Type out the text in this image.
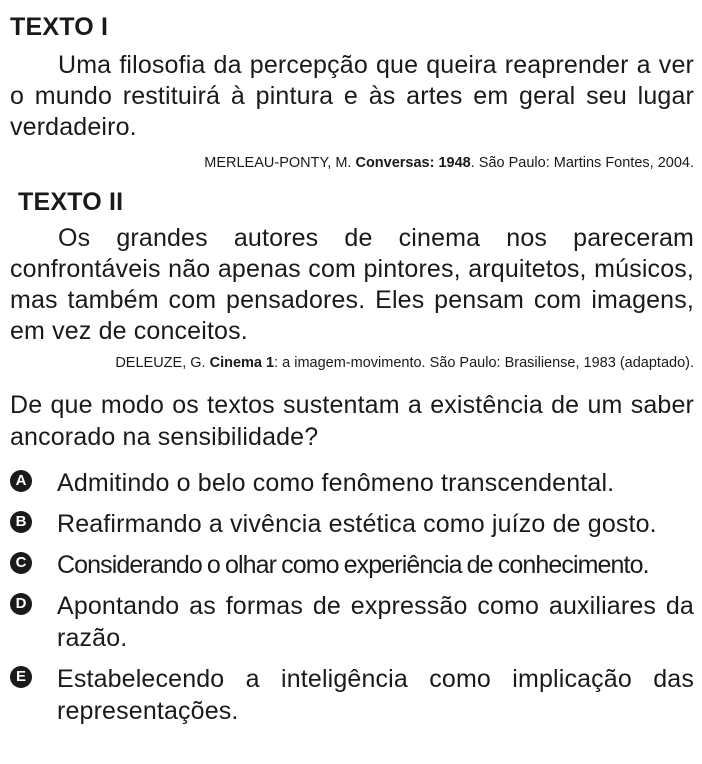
TEXTO I

Uma filosofia da percepção que queira reaprender a ver o mundo restituirá à pintura e às artes em geral seu lugar verdadeiro.

MERLEAU-PONTY, M. Conversas: 1948. São Paulo: Martins Fontes, 2004.

TEXTO II

Os grandes autores de cinema nos pareceram confrontáveis não apenas com pintores, arquitetos, músicos, mas também com pensadores. Eles pensam com imagens, em vez de conceitos.

DELEUZE, G. Cinema 1: a imagem-movimento. São Paulo: Brasiliense, 1983 (adaptado).

De que modo os textos sustentam a existência de um saber ancorado na sensibilidade?

A Admitindo o belo como fenômeno transcendental.
B Reafirmando a vivência estética como juízo de gosto.
C Considerando o olhar como experiência de conhecimento.
D Apontando as formas de expressão como auxiliares da razão.
E Estabelecendo a inteligência como implicação das representações.
